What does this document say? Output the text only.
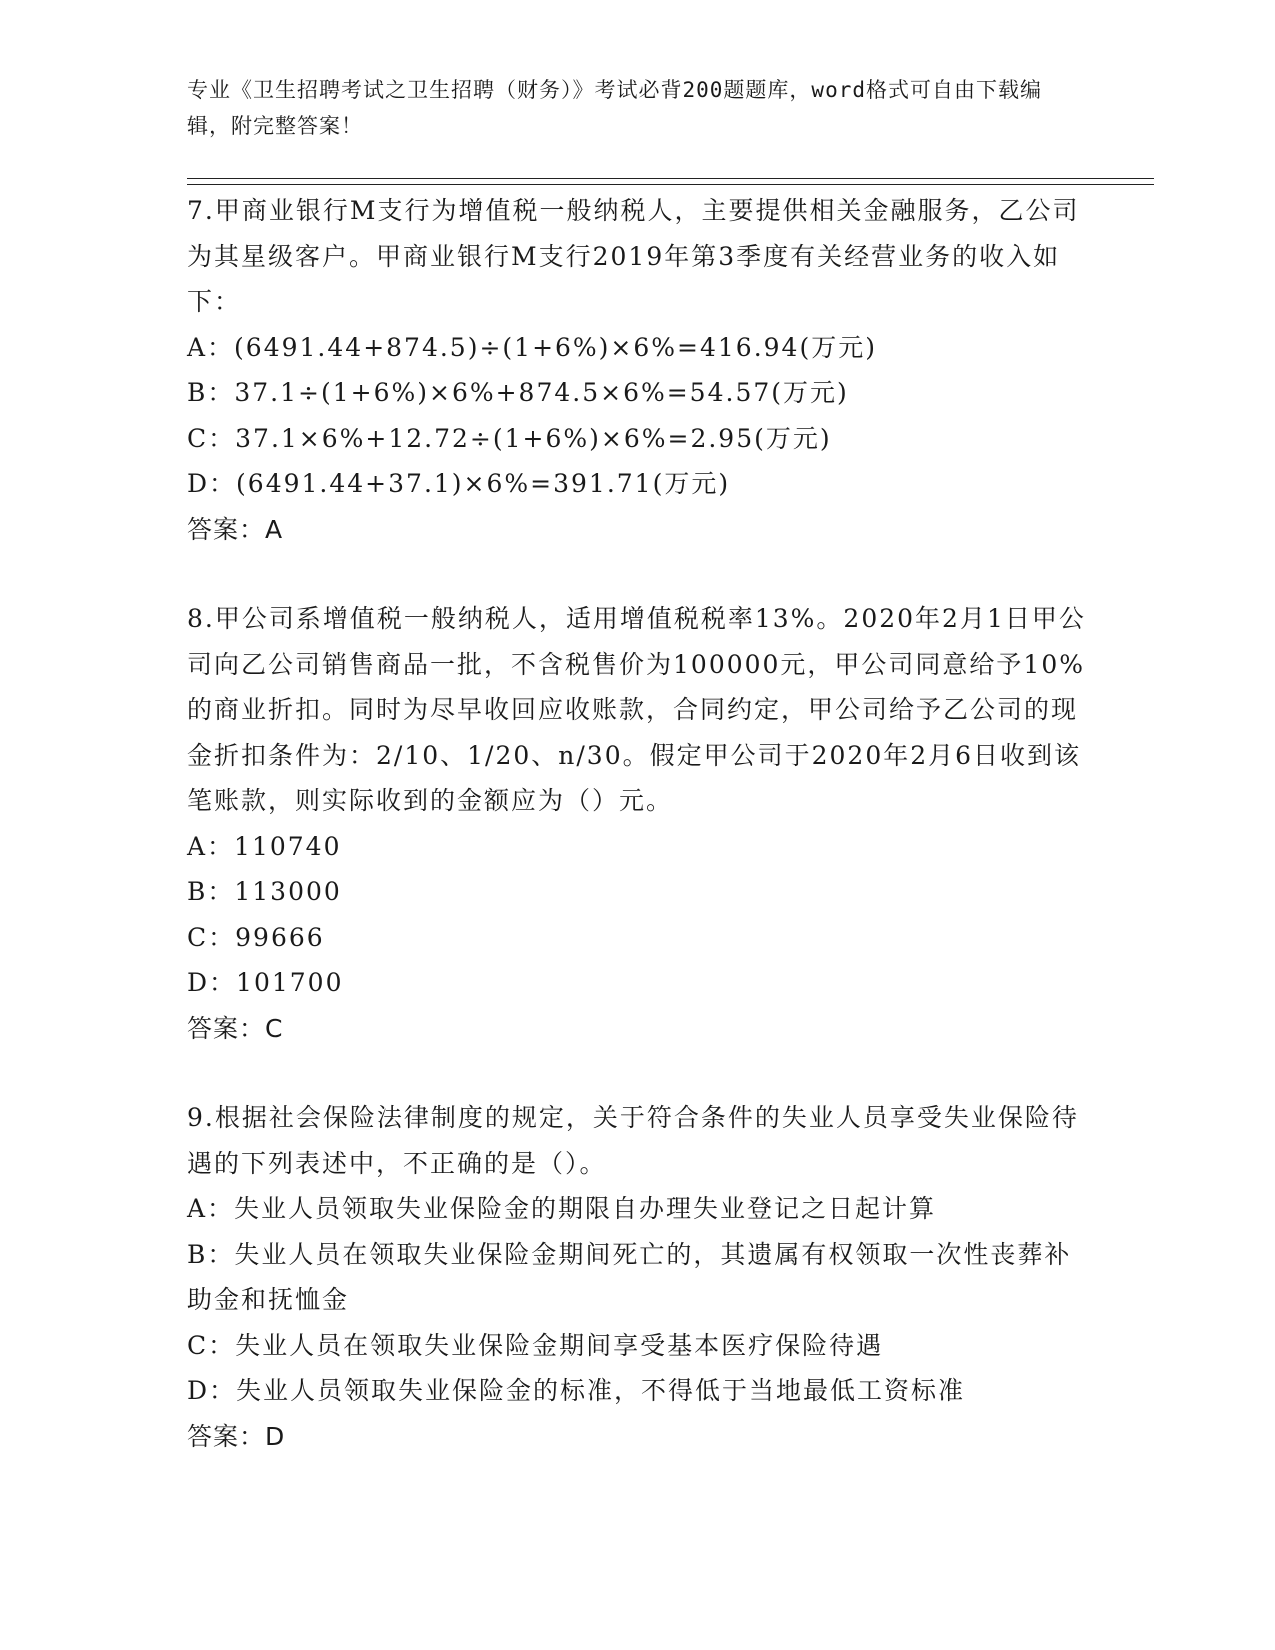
专业《卫生招聘考试之卫生招聘（财务）》考试必背200题题库，word格式可自由下载编辑，附完整答案！

7.甲商业银行M支行为增值税一般纳税人，主要提供相关金融服务，乙公司为其星级客户。甲商业银行M支行2019年第3季度有关经营业务的收入如下：

A：(6491.44+874.5)÷(1+6%)×6%=416.94(万元)

B：37.1÷(1+6%)×6%+874.5×6%=54.57(万元)

C：37.1×6%+12.72÷(1+6%)×6%=2.95(万元)

D：(6491.44+37.1)×6%=391.71(万元)

答案：A

8.甲公司系增值税一般纳税人，适用增值税税率13%。2020年2月1日甲公司向乙公司销售商品一批，不含税售价为100000元，甲公司同意给予10%的商业折扣。同时为尽早收回应收账款，合同约定，甲公司给予乙公司的现金折扣条件为：2/10、1/20、n/30。假定甲公司于2020年2月6日收到该笔账款，则实际收到的金额应为（）元。

A：110740

B：113000

C：99666

D：101700

答案：C

9.根据社会保险法律制度的规定，关于符合条件的失业人员享受失业保险待遇的下列表述中，不正确的是（）。

A：失业人员领取失业保险金的期限自办理失业登记之日起计算

B：失业人员在领取失业保险金期间死亡的，其遗属有权领取一次性丧葬补助金和抚恤金

C：失业人员在领取失业保险金期间享受基本医疗保险待遇

D：失业人员领取失业保险金的标准，不得低于当地最低工资标准

答案：D
